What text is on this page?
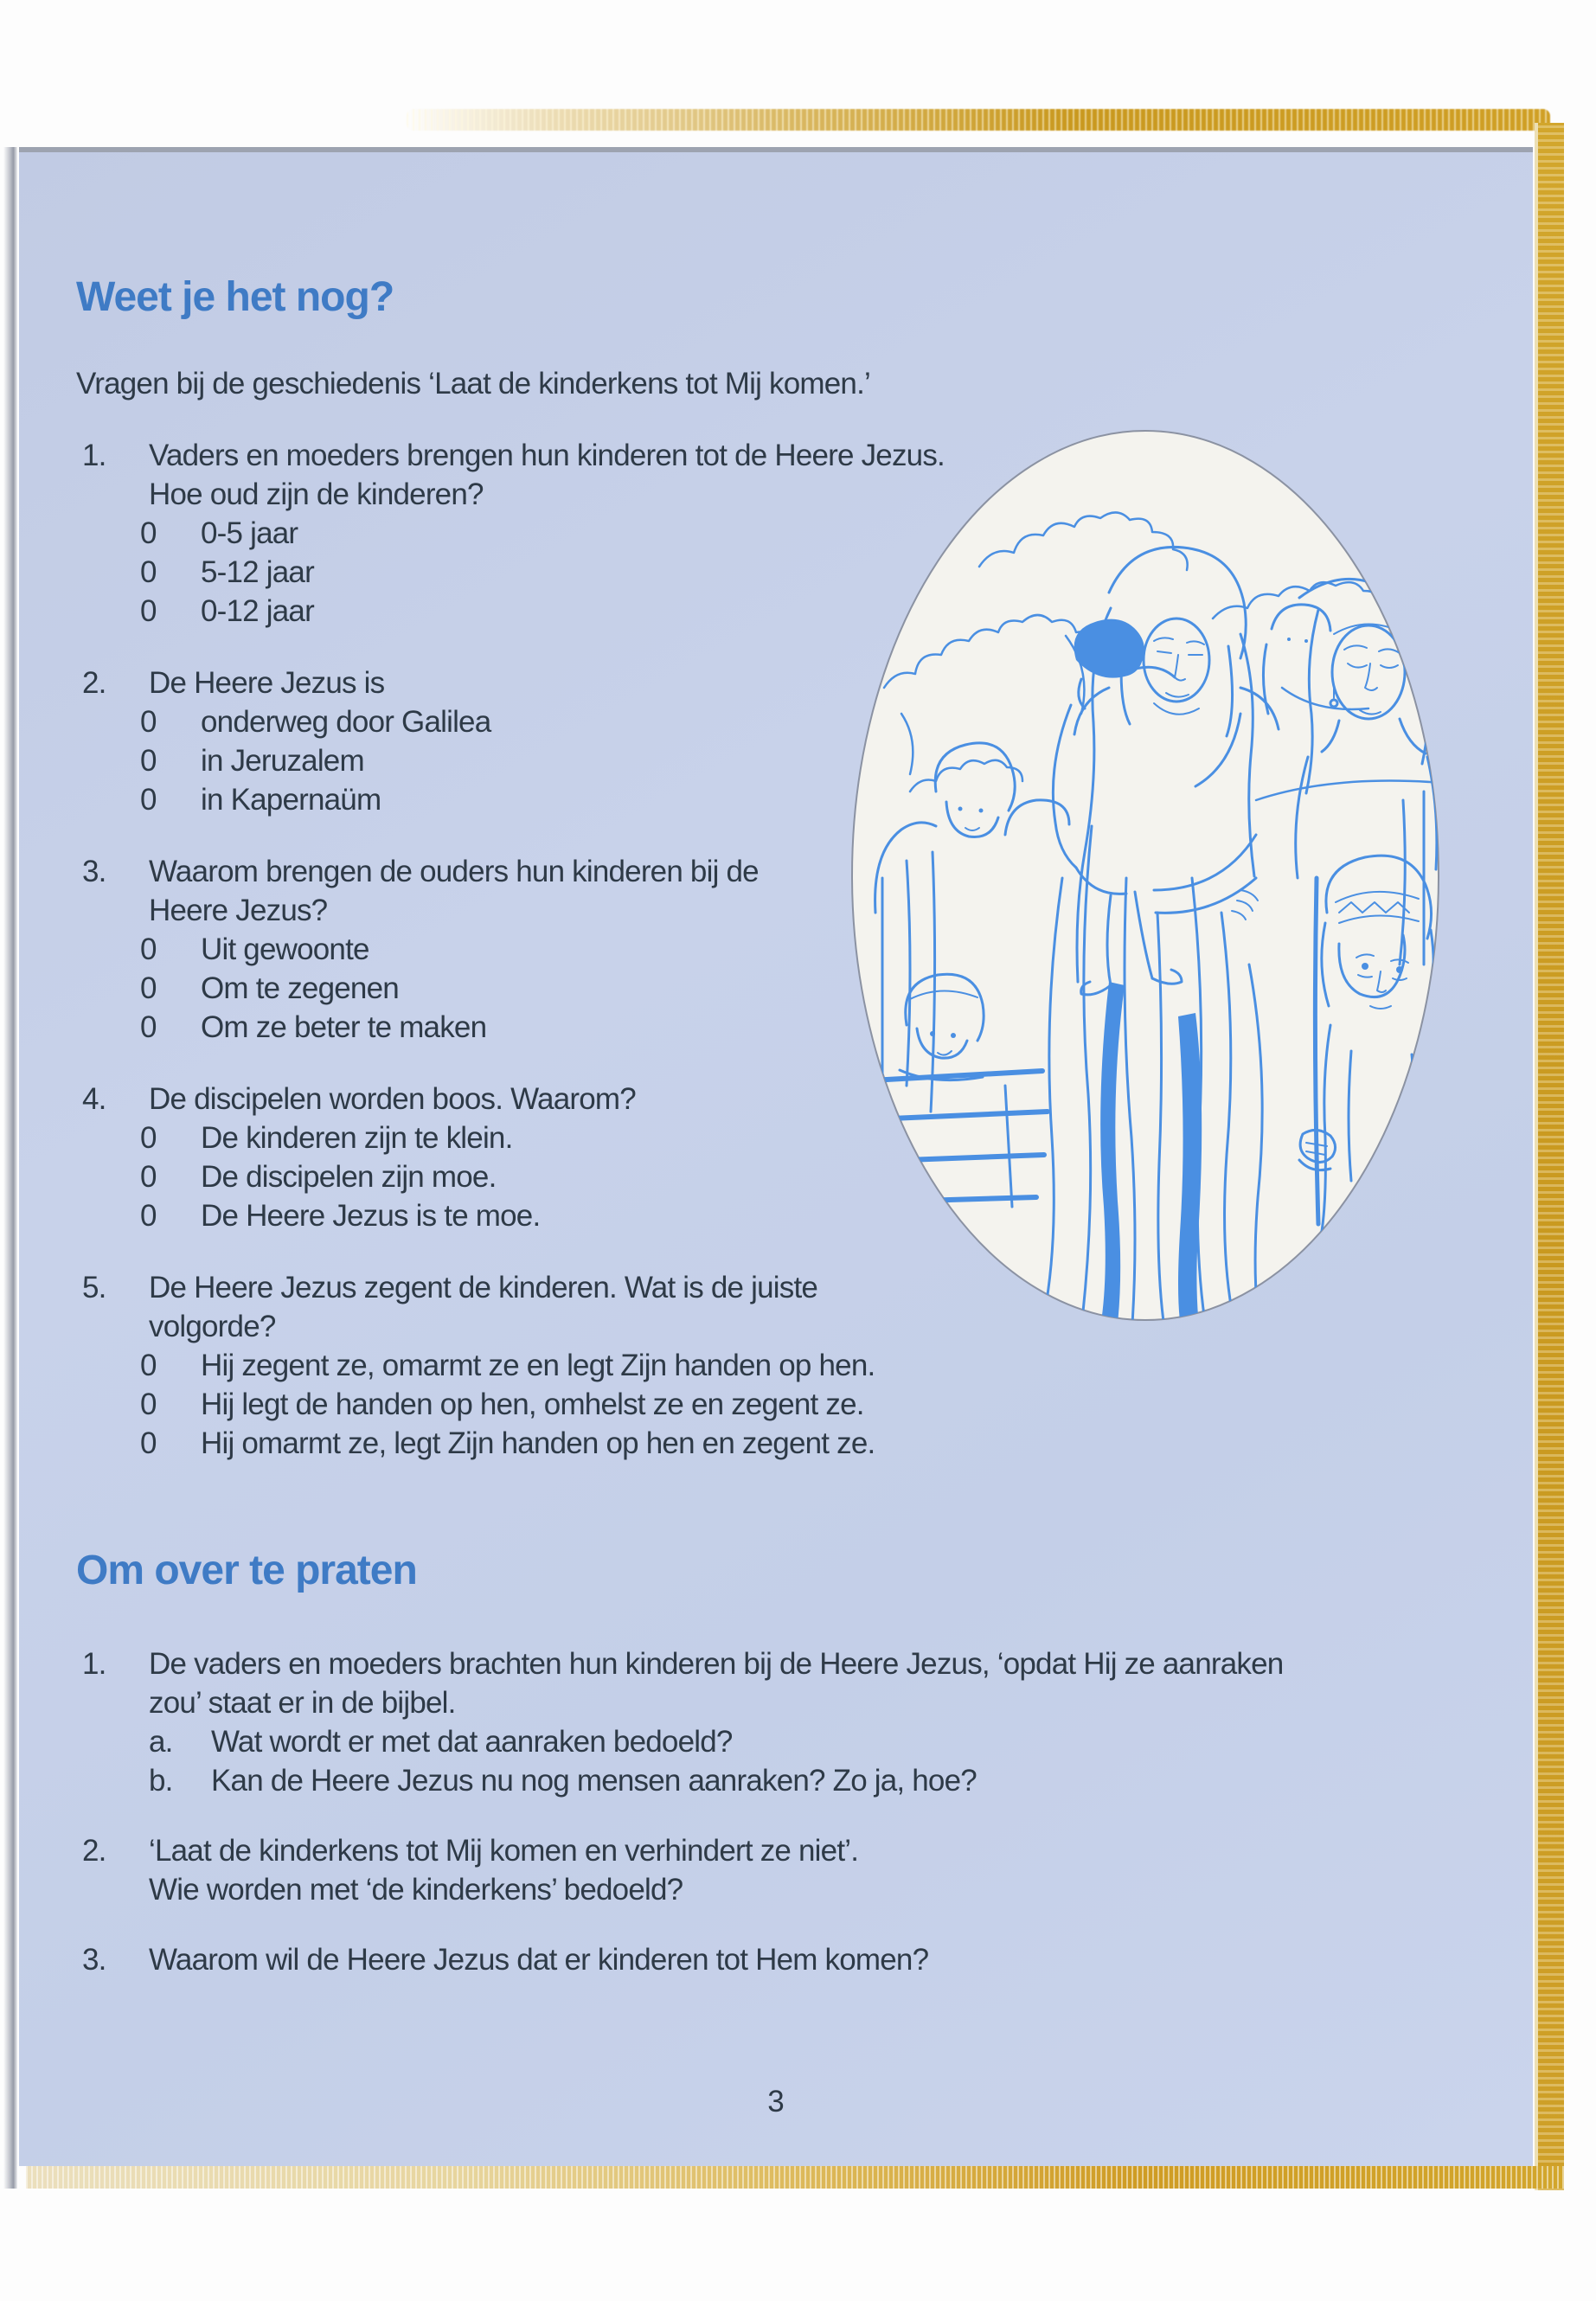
Weet je het nog?
Vragen bij de geschiedenis ‘Laat de kinderkens tot Mij komen.’
1.	Vaders en moeders brengen hun kinderen tot de Heere Jezus.
Hoe oud zijn de kinderen?
0	0-5 jaar
0	5-12 jaar
0	0-12 jaar
2.	De Heere Jezus is
0	onderweg door Galilea
0	in Jeruzalem
0	in Kapernaüm
3.	Waarom brengen de ouders hun kinderen bij de
Heere Jezus?
0	Uit gewoonte
0	Om te zegenen
0	Om ze beter te maken
4.	De discipelen worden boos. Waarom?
0	De kinderen zijn te klein.
0	De discipelen zijn moe.
0	De Heere Jezus is te moe.
5.	De Heere Jezus zegent de kinderen. Wat is de juiste
volgorde?
0	Hij zegent ze, omarmt ze en legt Zijn handen op hen.
0	Hij legt de handen op hen, omhelst ze en zegent ze.
0	Hij omarmt ze, legt Zijn handen op hen en zegent ze.
Om over te praten
1.	De vaders en moeders brachten hun kinderen bij de Heere Jezus, ‘opdat Hij ze aanraken
zou’ staat er in de bijbel.
a.	Wat wordt er met dat aanraken bedoeld?
b.	Kan de Heere Jezus nu nog mensen aanraken? Zo ja, hoe?
2.	‘Laat de kinderkens tot Mij komen en verhindert ze niet’.
Wie worden met ‘de kinderkens’ bedoeld?
3.	Waarom wil de Heere Jezus dat er kinderen tot Hem komen?
3
